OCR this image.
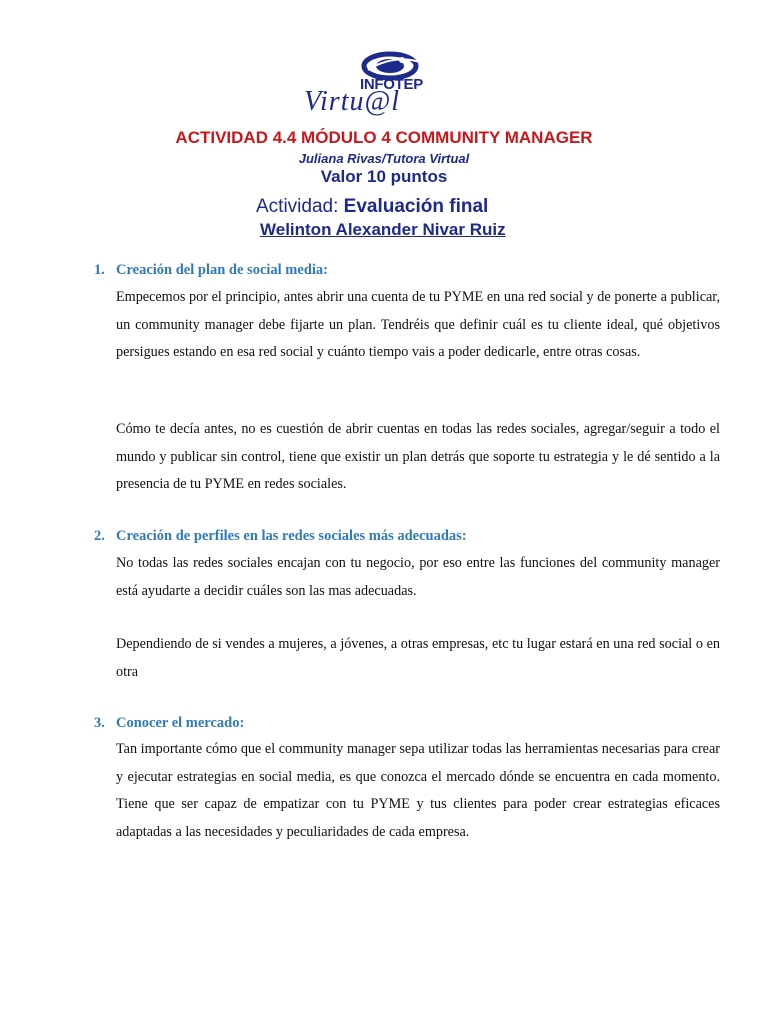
INFOTEP
Virtu@l
ACTIVIDAD 4.4 MÓDULO 4 COMMUNITY MANAGER
Juliana Rivas/Tutora Virtual
Valor 10 puntos
Actividad: Evaluación final
Welinton Alexander Nivar Ruiz
1. Creación del plan de social media:
Empecemos por el principio, antes abrir una cuenta de tu PYME en una red social y de ponerte a publicar, un community manager debe fijarte un plan. Tendréis que definir cuál es tu cliente ideal, qué objetivos persigues estando en esa red social y cuánto tiempo vais a poder dedicarle, entre otras cosas.
Cómo te decía antes, no es cuestión de abrir cuentas en todas las redes sociales, agregar/seguir a todo el mundo y publicar sin control, tiene que existir un plan detrás que soporte tu estrategia y le dé sentido a la presencia de tu PYME en redes sociales.
2. Creación de perfiles en las redes sociales más adecuadas:
No todas las redes sociales encajan con tu negocio, por eso entre las funciones del community manager está ayudarte a decidir cuáles son las mas adecuadas.
Dependiendo de si vendes a mujeres, a jóvenes, a otras empresas, etc tu lugar estará en una red social o en otra
3. Conocer el mercado:
Tan importante cómo que el community manager sepa utilizar todas las herramientas necesarias para crear y ejecutar estrategias en social media, es que conozca el mercado dónde se encuentra en cada momento. Tiene que ser capaz de empatizar con tu PYME y tus clientes para poder crear estrategias eficaces adaptadas a las necesidades y peculiaridades de cada empresa.
